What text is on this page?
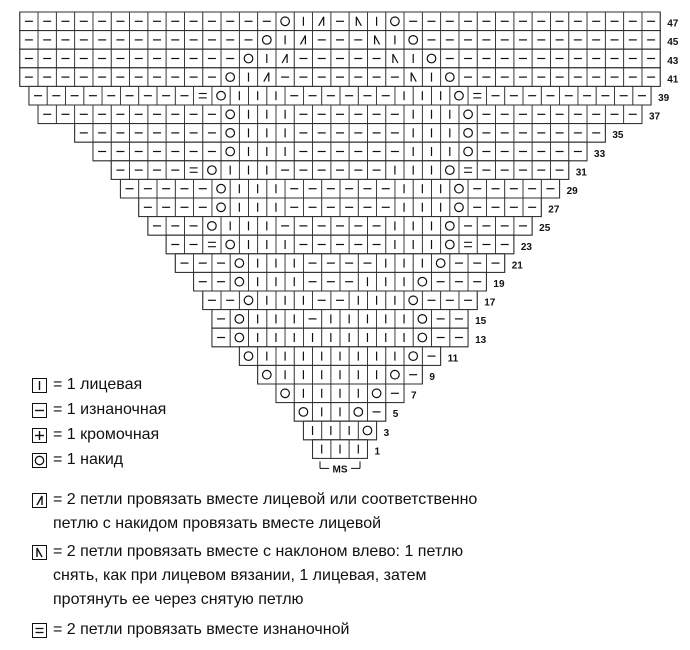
47
45
43
41
39
37
35
33
31
29
27
25
23
21
19
17
15
13
11
9
7
5
3
1
MS
= 1 лицевая
= 1 изнаночная
= 1 кромочная
= 1 накид
= 2 петли провязать вместе лицевой или соответственно
петлю с накидом провязать вместе лицевой
= 2 петли провязать вместе с наклоном влево: 1 петлю
снять, как при лицевом вязании, 1 лицевая, затем
протянуть ее через снятую петлю
= 2 петли провязать вместе изнаночной
